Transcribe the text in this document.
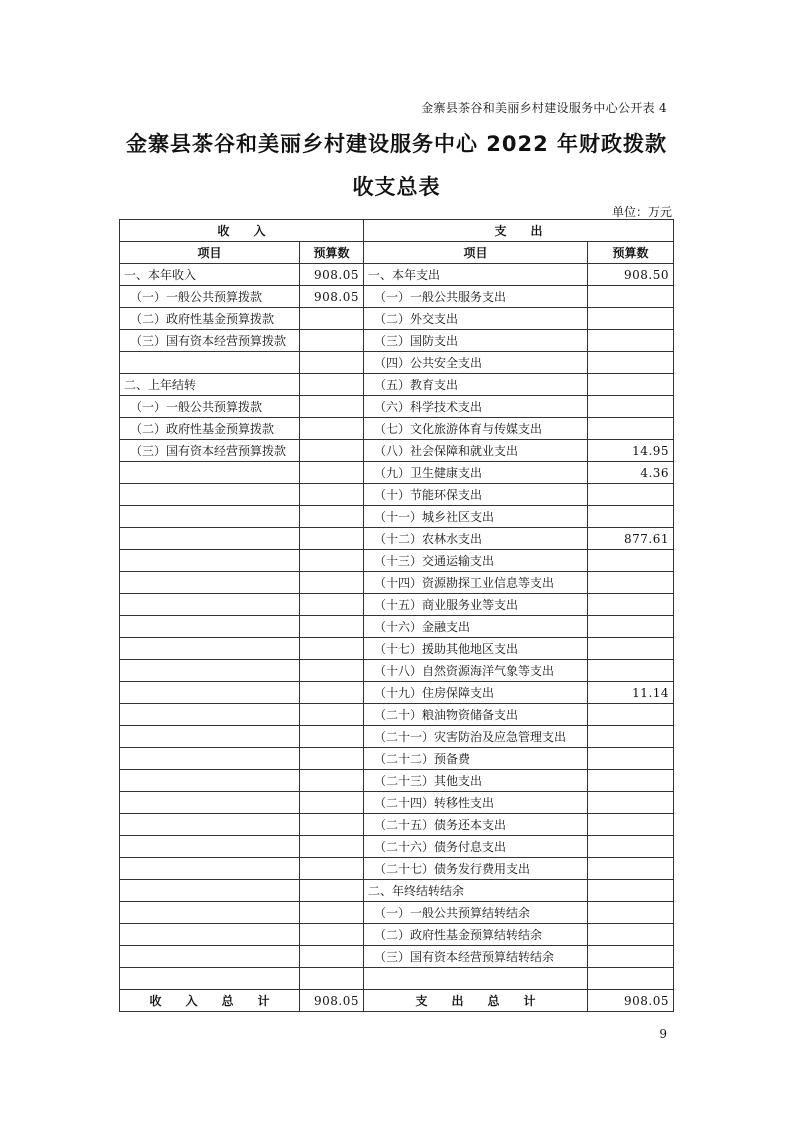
金寨县茶谷和美丽乡村建设服务中心公开表 4
金寨县茶谷和美丽乡村建设服务中心 2022 年财政拨款
收支总表
单位：万元
收　　入		支　　出	
项目	预算数	项目	预算数
一、本年收入	908.05	一、本年支出	908.50
（一）一般公共预算拨款	908.05	（一）一般公共服务支出	
（二）政府性基金预算拨款		（二）外交支出	
（三）国有资本经营预算拨款		（三）国防支出	
		（四）公共安全支出	
二、上年结转		（五）教育支出	
（一）一般公共预算拨款		（六）科学技术支出	
（二）政府性基金预算拨款		（七）文化旅游体育与传媒支出	
（三）国有资本经营预算拨款		（八）社会保障和就业支出	14.95
		（九）卫生健康支出	4.36
		（十）节能环保支出	
		（十一）城乡社区支出	
		（十二）农林水支出	877.61
		（十三）交通运输支出	
		（十四）资源勘探工业信息等支出	
		（十五）商业服务业等支出	
		（十六）金融支出	
		（十七）援助其他地区支出	
		（十八）自然资源海洋气象等支出	
		（十九）住房保障支出	11.14
		（二十）粮油物资储备支出	
		（二十一）灾害防治及应急管理支出	
		（二十二）预备费	
		（二十三）其他支出	
		（二十四）转移性支出	
		（二十五）债务还本支出	
		（二十六）债务付息支出	
		（二十七）债务发行费用支出	
		二、年终结转结余	
		（一）一般公共预算结转结余	
		（二）政府性基金预算结转结余	
		（三）国有资本经营预算结转结余	

收　　入　　总　　计	908.05	支　　出　　总　　计	908.05
9
